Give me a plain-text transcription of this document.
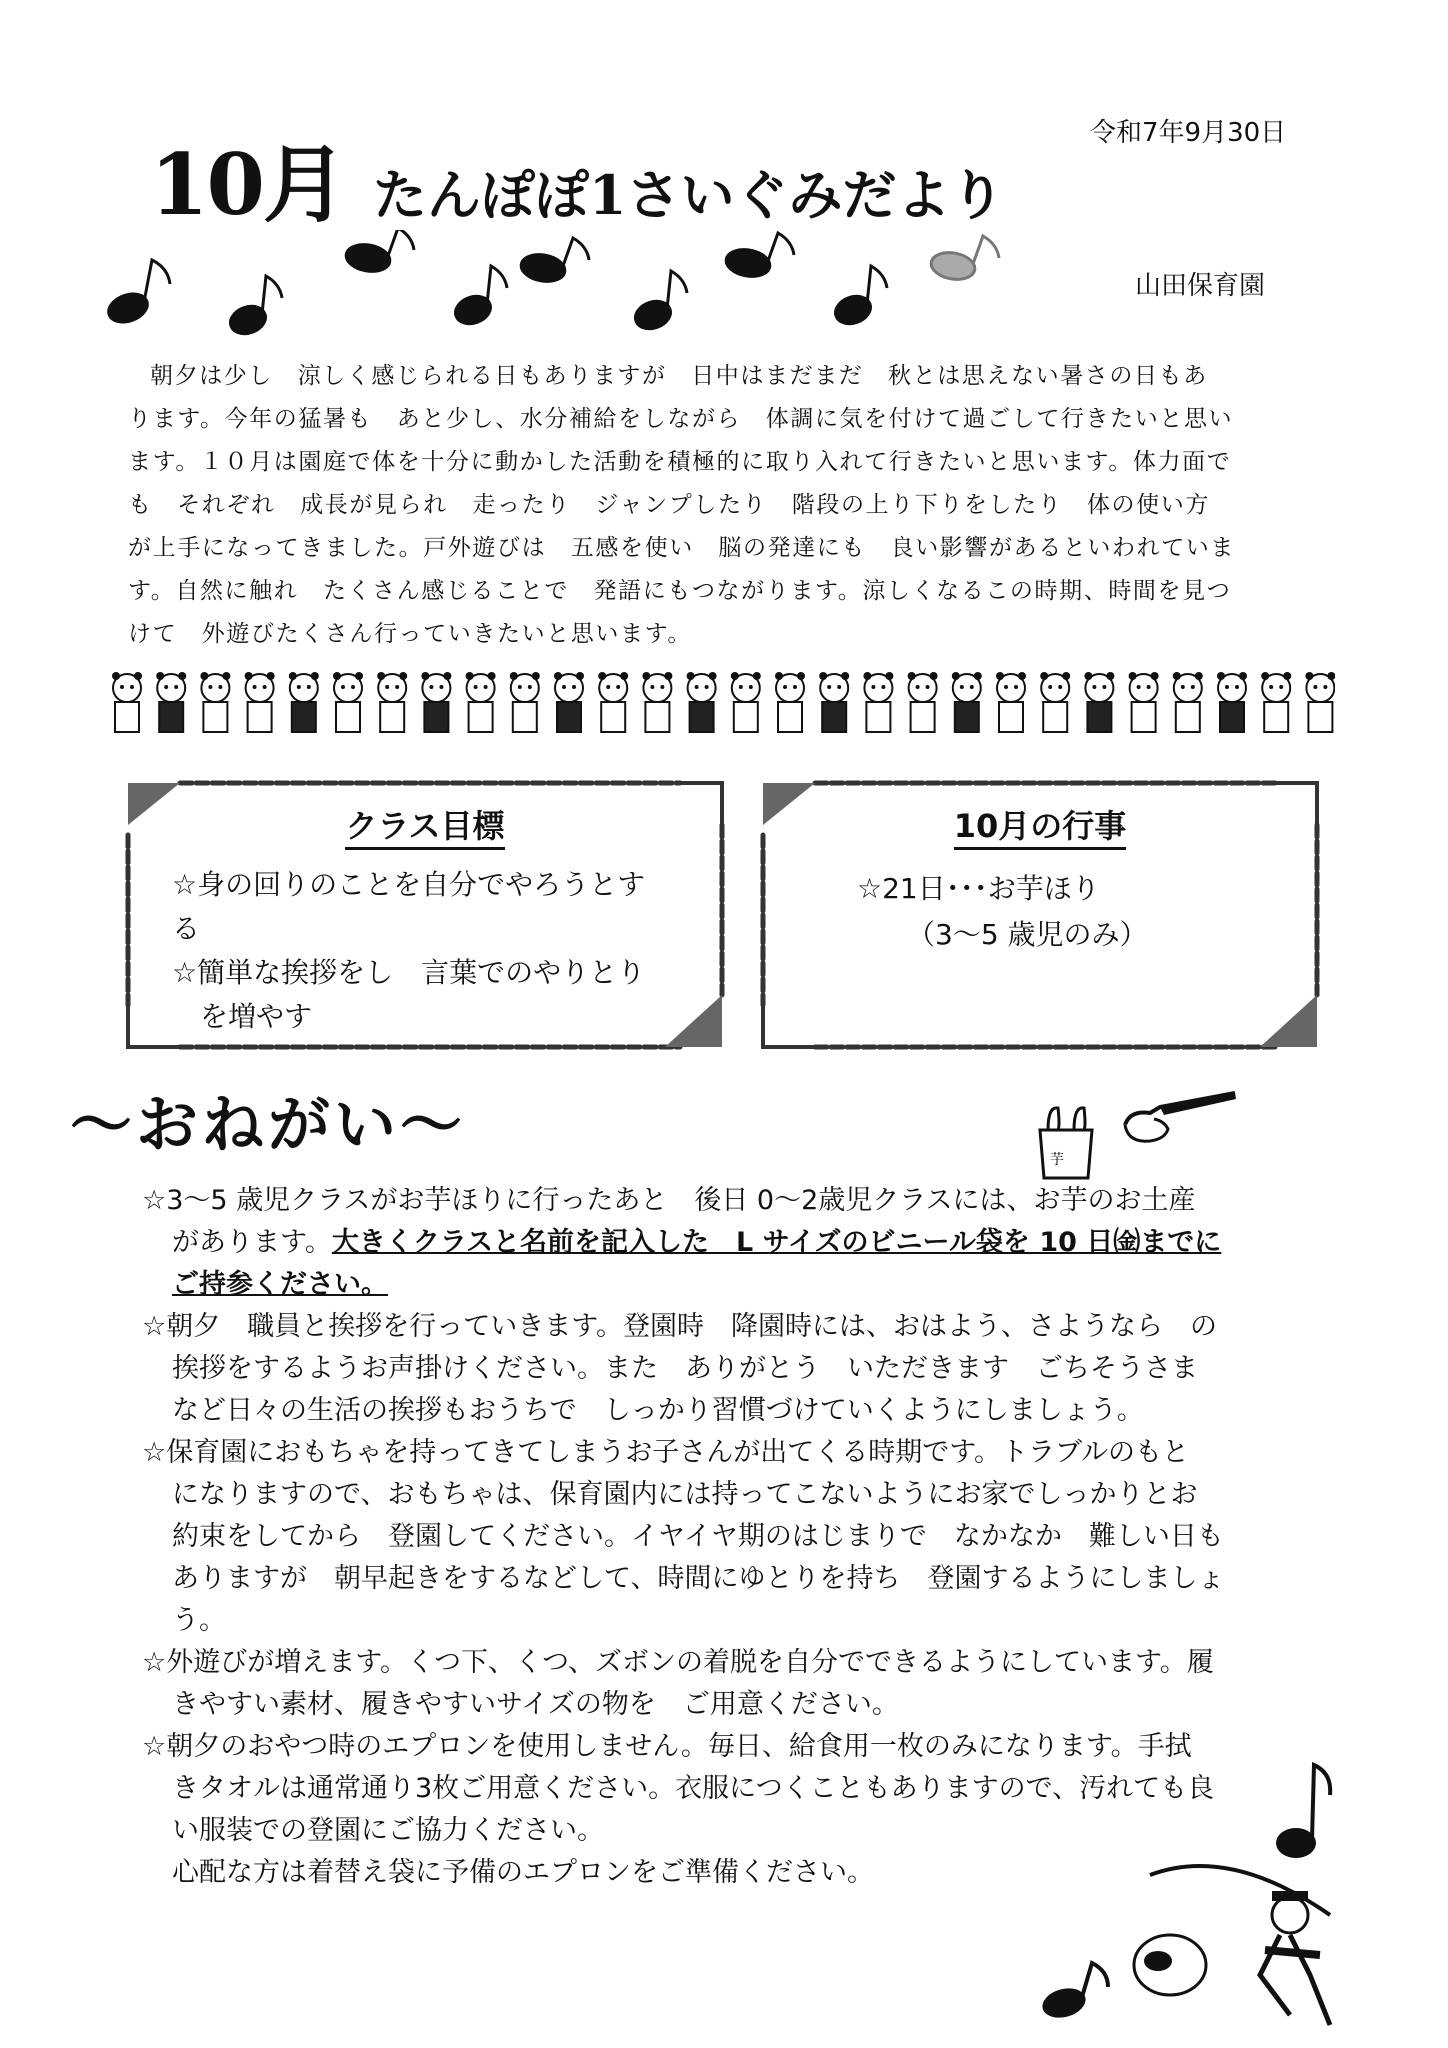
令和7年9月30日
10月 たんぽぽ1さいぐみだより
山田保育園

朝夕は少し　涼しく感じられる日もありますが　日中はまだまだ　秋とは思えない暑さの日もあ

ります。今年の猛暑も　あと少し、水分補給をしながら　体調に気を付けて過ごして行きたいと思い

ます。１０月は園庭で体を十分に動かした活動を積極的に取り入れて行きたいと思います。体力面で

も　それぞれ　成長が見られ　走ったり　ジャンプしたり　階段の上り下りをしたり　体の使い方

が上手になってきました。戸外遊びは　五感を使い　脳の発達にも　良い影響があるといわれていま

す。自然に触れ　たくさん感じることで　発語にもつながります。涼しくなるこの時期、時間を見つ

けて　外遊びたくさん行っていきたいと思います。

クラス目標
☆身の回りのことを自分でやろうとす
る
☆簡単な挨拶をし　言葉でのやりとり
を増やす
10月の行事
☆21日･･･お芋ほり
（3～5 歳児のみ）
～おねがい～	芋
☆3～5 歳児クラスがお芋ほりに行ったあと　後日 0～2歳児クラスには、お芋のお土産
があります。大きくクラスと名前を記入した　L サイズのビニール袋を 10 日㈮までに
ご持参ください。
☆朝夕　職員と挨拶を行っていきます。登園時　降園時には、おはよう、さようなら　の
挨拶をするようお声掛けください。また　ありがとう　いただきます　ごちそうさま
など日々の生活の挨拶もおうちで　しっかり習慣づけていくようにしましょう。
☆保育園におもちゃを持ってきてしまうお子さんが出てくる時期です。トラブルのもと
になりますので、おもちゃは、保育園内には持ってこないようにお家でしっかりとお
約束をしてから　登園してください。イヤイヤ期のはじまりで　なかなか　難しい日も
ありますが　朝早起きをするなどして、時間にゆとりを持ち　登園するようにしましょ
う。
☆外遊びが増えます。くつ下、くつ、ズボンの着脱を自分でできるようにしています。履
きやすい素材、履きやすいサイズの物を　ご用意ください。
☆朝夕のおやつ時のエプロンを使用しません。毎日、給食用一枚のみになります。手拭
きタオルは通常通り3枚ご用意ください。衣服につくこともありますので、汚れても良
い服装での登園にご協力ください。
心配な方は着替え袋に予備のエプロンをご準備ください。
